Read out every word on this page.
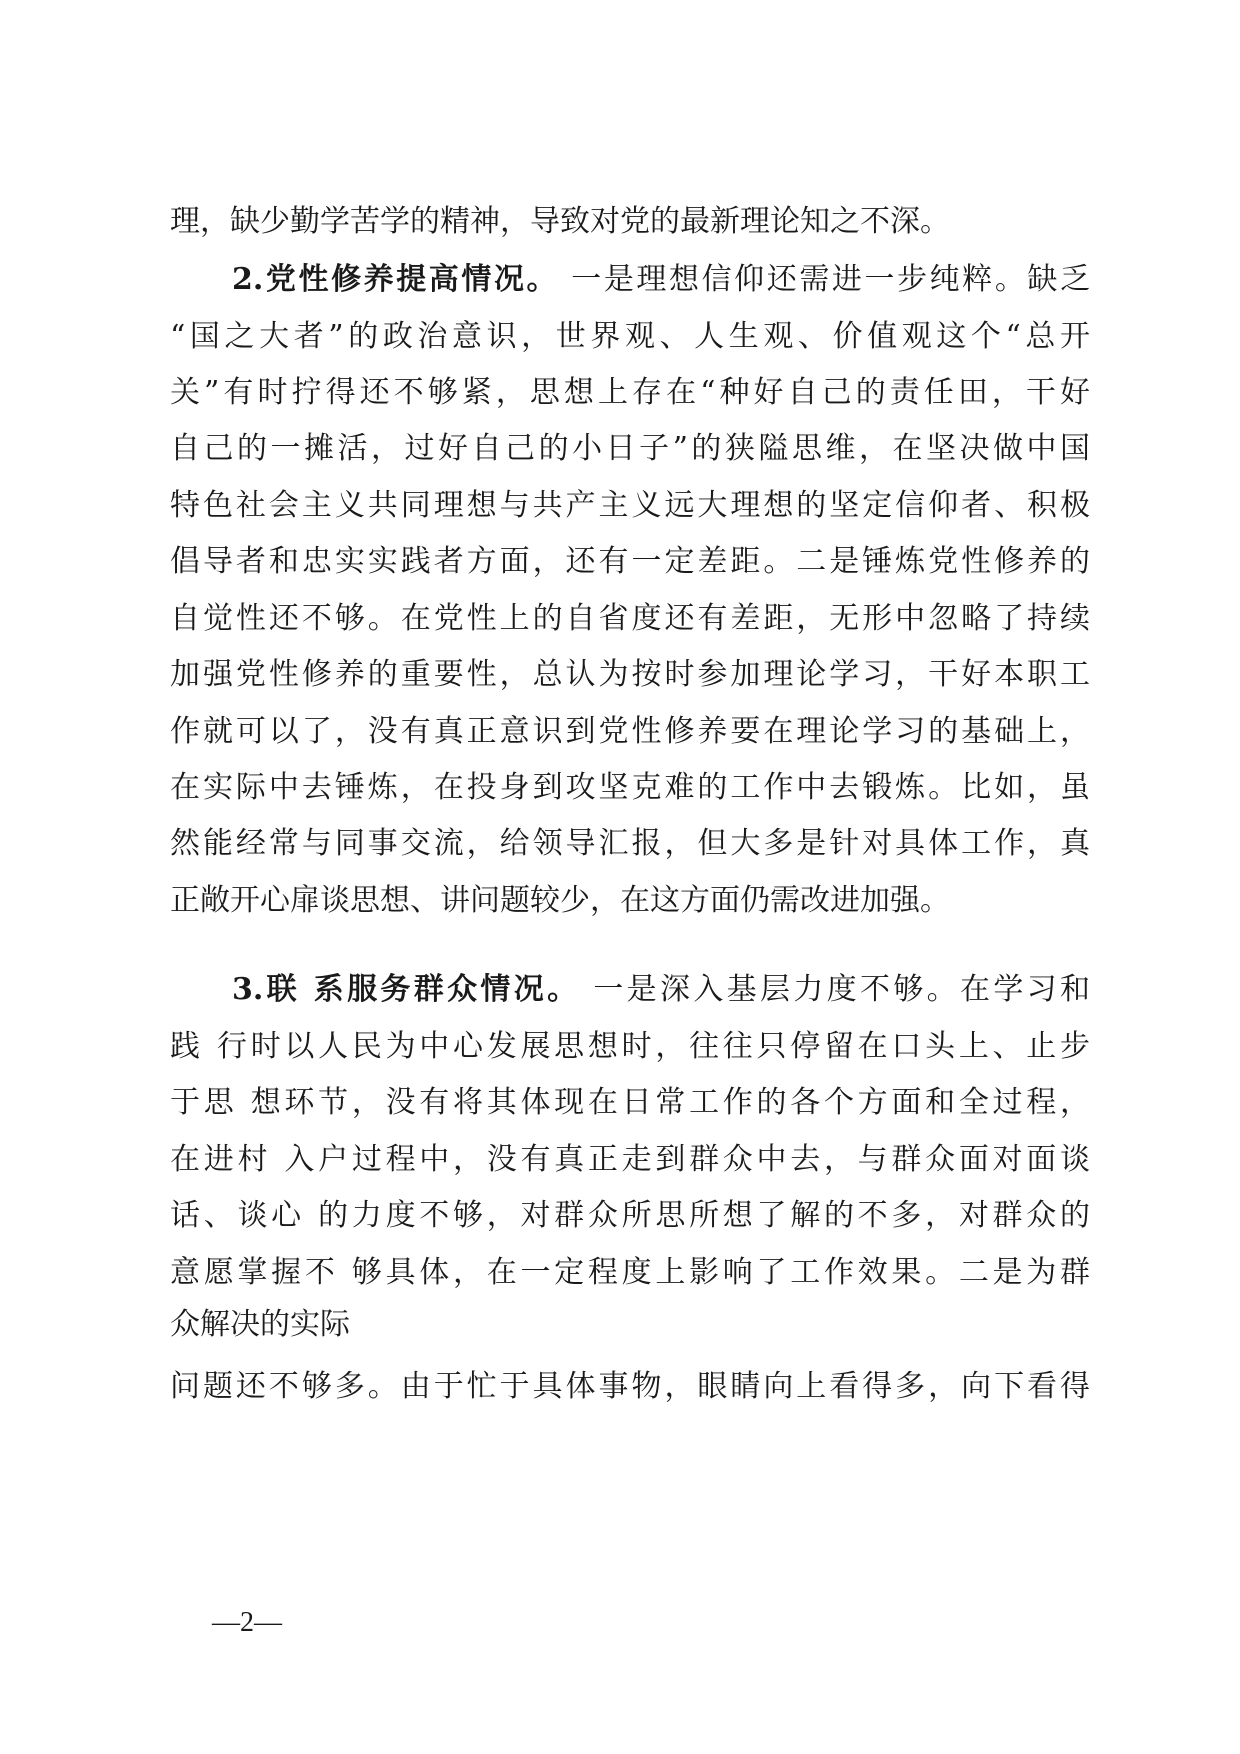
理，缺少勤学苦学的精神，导致对党的最新理论知之不深。
2.党性修养提高情况。 一是理想信仰还需进一步纯粹。缺乏
“国之大者”的政治意识，世界观、人生观、价值观这个“总开
关”有时拧得还不够紧，思想上存在“种好自己的责任田，干好
自己的一摊活，过好自己的小日子”的狭隘思维，在坚决做中国
特色社会主义共同理想与共产主义远大理想的坚定信仰者、积极
倡导者和忠实实践者方面，还有一定差距。二是锤炼党性修养的
自觉性还不够。在党性上的自省度还有差距，无形中忽略了持续
加强党性修养的重要性，总认为按时参加理论学习，干好本职工
作就可以了，没有真正意识到党性修养要在理论学习的基础上，
在实际中去锤炼，在投身到攻坚克难的工作中去锻炼。比如，虽
然能经常与同事交流，给领导汇报，但大多是针对具体工作，真
正敞开心扉谈思想、讲问题较少，在这方面仍需改进加强。
3.联 系服务群众情况。 一是深入基层力度不够。在学习和
践 行时以人民为中心发展思想时，往往只停留在口头上、止步
于思 想环节，没有将其体现在日常工作的各个方面和全过程，
在进村 入户过程中，没有真正走到群众中去，与群众面对面谈
话、谈心 的力度不够，对群众所思所想了解的不多，对群众的
意愿掌握不 够具体，在一定程度上影响了工作效果。二是为群
众解决的实际
问题还不够多。由于忙于具体事物，眼睛向上看得多，向下看得
—2—
